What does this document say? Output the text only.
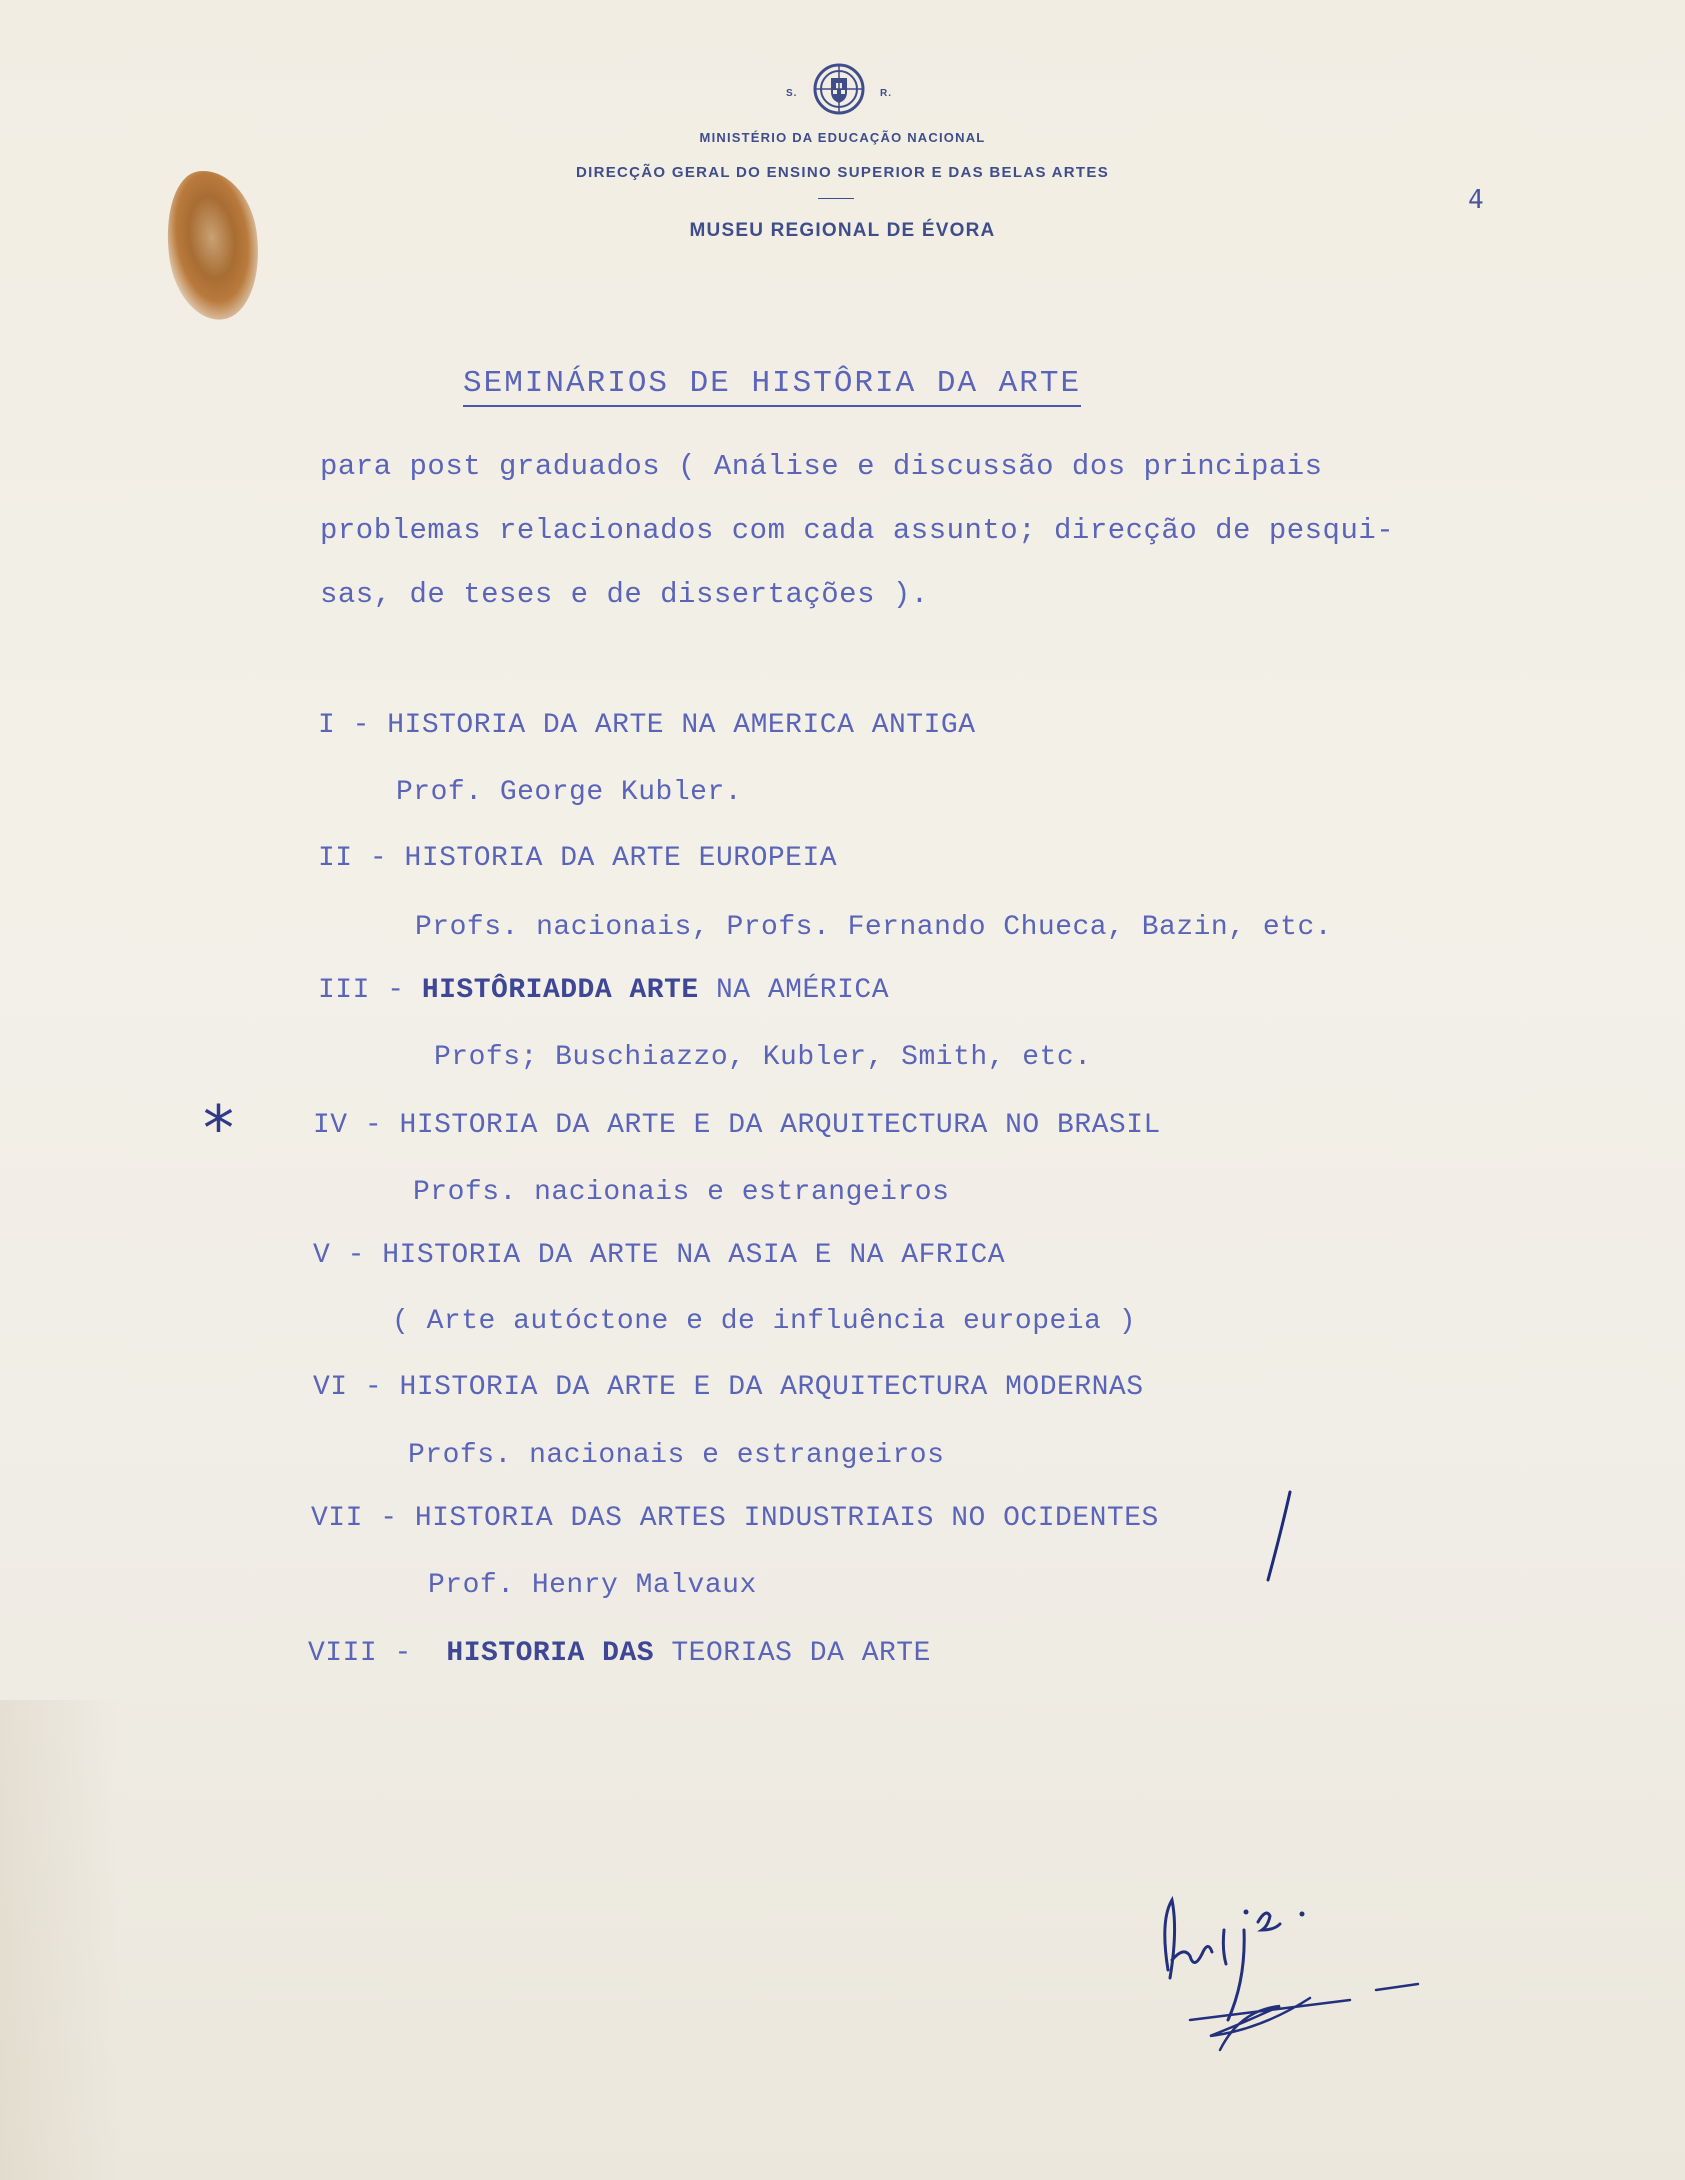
S.	R.
MINISTÉRIO DA EDUCAÇÃO NACIONAL
DIRECÇÃO GERAL DO ENSINO SUPERIOR E DAS BELAS ARTES
MUSEU REGIONAL DE ÉVORA
4
SEMINÁRIOS DE HISTÔRIA DA ARTE
para post graduados ( Análise e discussão dos principais
problemas relacionados com cada assunto; direcção de pesqui-
sas, de teses e de dissertações ).
I - HISTORIA DA ARTE NA AMERICA ANTIGA
Prof. George Kubler.
II - HISTORIA DA ARTE EUROPEIA
Profs. nacionais, Profs. Fernando Chueca, Bazin, etc.
III - HISTÔRIADDA ARTE NA AMÉRICA
Profs; Buschiazzo, Kubler, Smith, etc.
*	IV - HISTORIA DA ARTE E DA ARQUITECTURA NO BRASIL
Profs. nacionais e estrangeiros
V - HISTORIA DA ARTE NA ASIA E NA AFRICA
( Arte autóctone e de influência europeia )
VI - HISTORIA DA ARTE E DA ARQUITECTURA MODERNAS
Profs. nacionais e estrangeiros
VII - HISTORIA DAS ARTES INDUSTRIAIS NO OCIDENTES
Prof. Henry Malvaux
VIII -  HISTORIA DAS TEORIAS DA ARTE
